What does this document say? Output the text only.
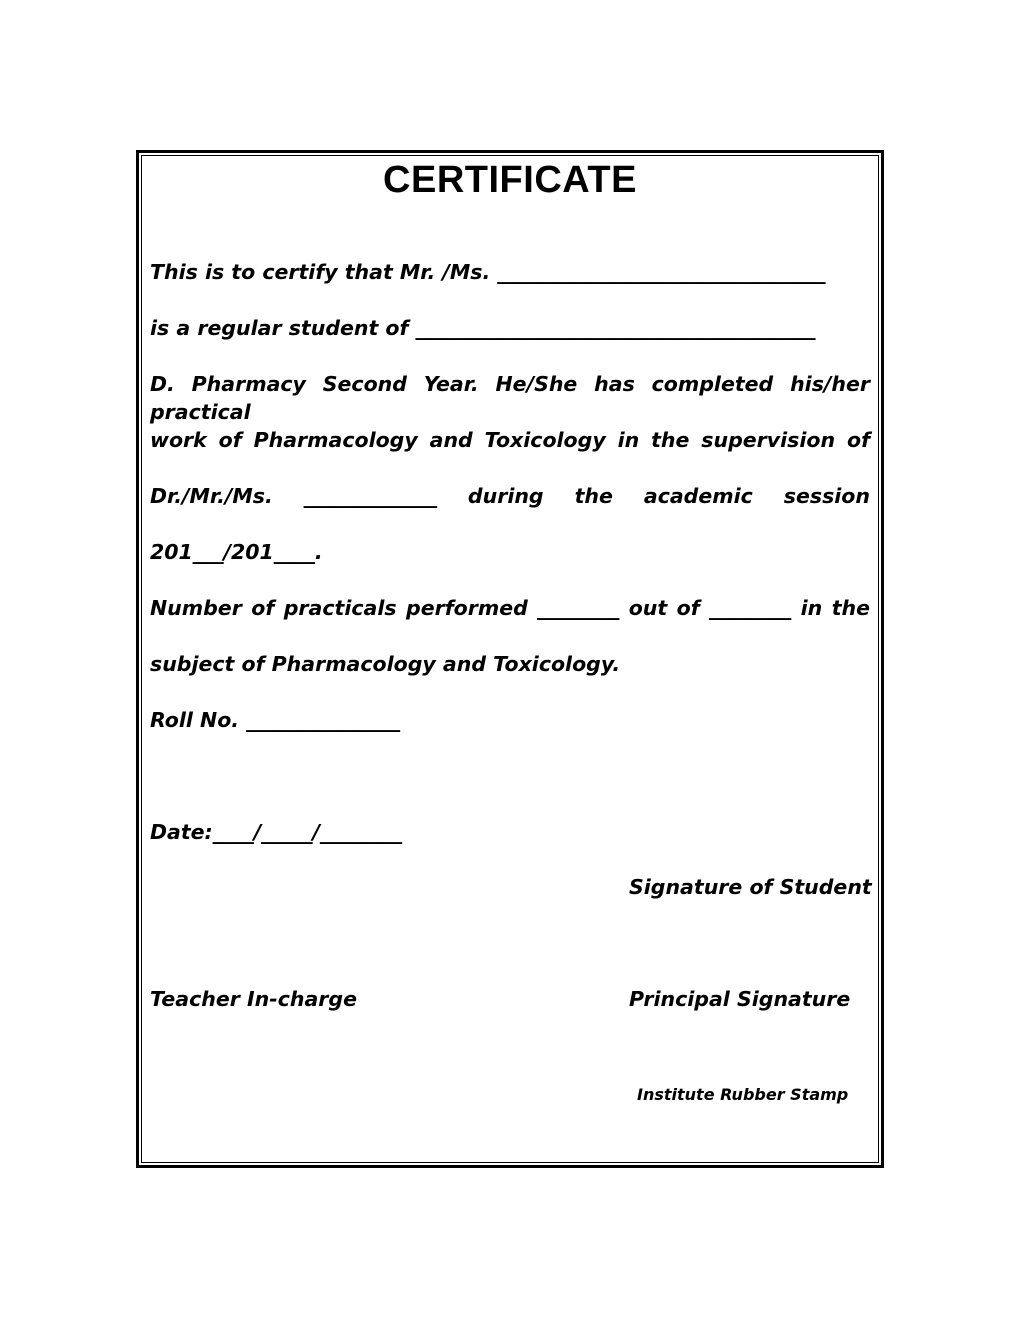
CERTIFICATE
This is to certify that Mr. /Ms. ________________________________
is a regular student of _______________________________________
D. Pharmacy Second Year. He/She has completed his/her practical
work of Pharmacology and Toxicology in the supervision of
Dr./Mr./Ms. _____________ during the academic session
201___/201____.
Number of practicals performed ________ out of ________ in the
subject of Pharmacology and Toxicology.
Roll No. _______________
Date:____/_____/________
Signature of Student
Teacher In-charge	Principal Signature
Institute Rubber Stamp
